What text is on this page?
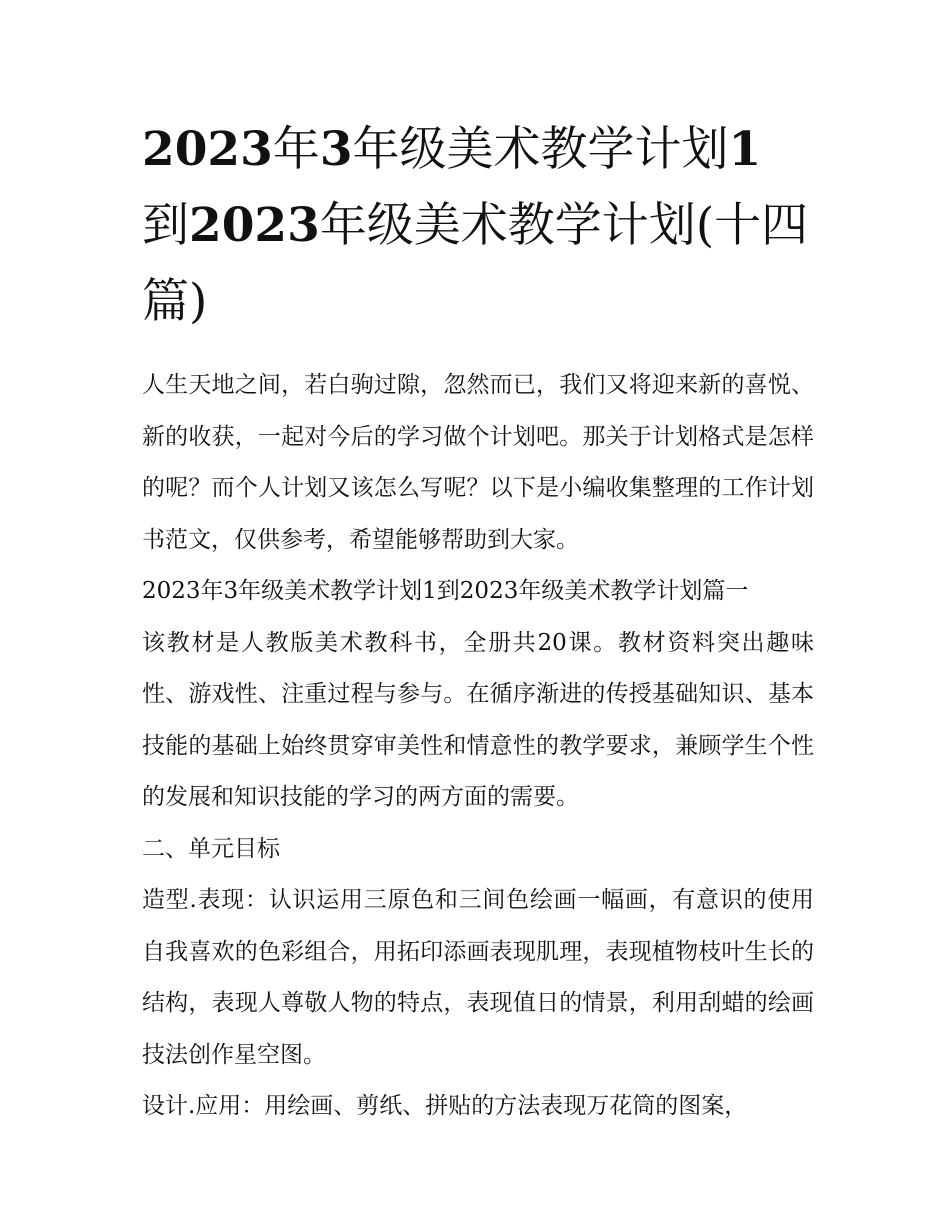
2023年3年级美术教学计划1
到2023年级美术教学计划(十四篇)

人生天地之间，若白驹过隙，忽然而已，我们又将迎来新的喜悦、新的收获，一起对今后的学习做个计划吧。那关于计划格式是怎样的呢？而个人计划又该怎么写呢？以下是小编收集整理的工作计划书范文，仅供参考，希望能够帮助到大家。

2023年3年级美术教学计划1到2023年级美术教学计划篇一

该教材是人教版美术教科书，全册共20课。教材资料突出趣味性、游戏性、注重过程与参与。在循序渐进的传授基础知识、基本技能的基础上始终贯穿审美性和情意性的教学要求，兼顾学生个性的发展和知识技能的学习的两方面的需要。

二、单元目标

造型.表现：认识运用三原色和三间色绘画一幅画，有意识的使用自我喜欢的色彩组合，用拓印添画表现肌理，表现植物枝叶生长的结构，表现人尊敬人物的特点，表现值日的情景，利用刮蜡的绘画技法创作星空图。

设计.应用：用绘画、剪纸、拼贴的方法表现万花筒的图案，
